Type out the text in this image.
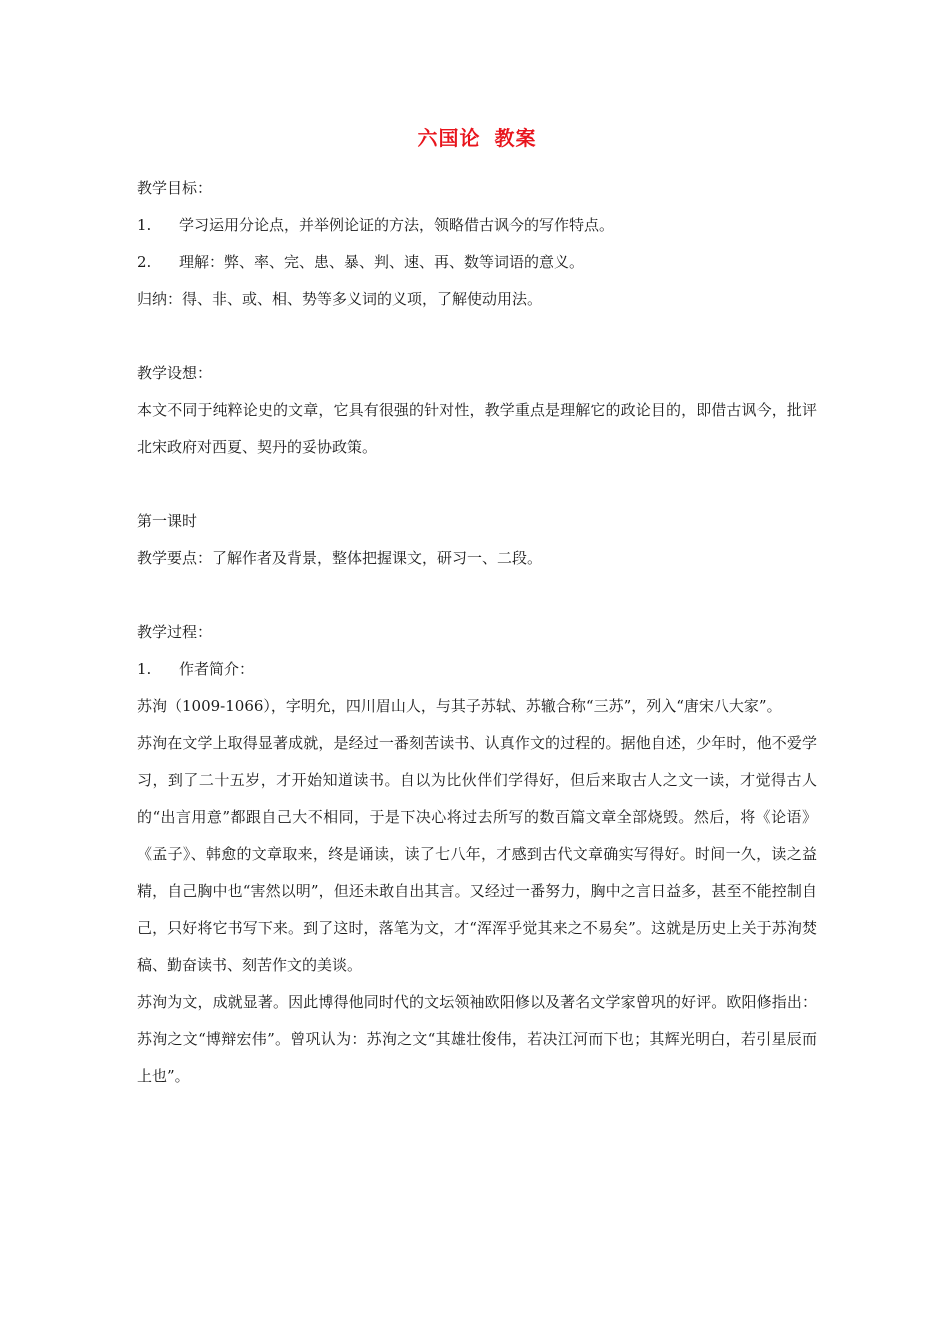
六国论 教案

教学目标：

1. 学习运用分论点，并举例论证的方法，领略借古讽今的写作特点。

2. 理解：弊、率、完、患、暴、判、速、再、数等词语的意义。

归纳：得、非、或、相、势等多义词的义项，了解使动用法。

教学设想：

本文不同于纯粹论史的文章，它具有很强的针对性，教学重点是理解它的政论目的，即借古讽今，批评北宋政府对西夏、契丹的妥协政策。

第一课时

教学要点：了解作者及背景，整体把握课文，研习一、二段。

教学过程：

1. 作者简介：

苏洵（1009-1066），字明允，四川眉山人，与其子苏轼、苏辙合称“三苏”，列入“唐宋八大家”。

苏洵在文学上取得显著成就，是经过一番刻苦读书、认真作文的过程的。据他自述，少年时，他不爱学习，到了二十五岁，才开始知道读书。自以为比伙伴们学得好，但后来取古人之文一读，才觉得古人的“出言用意”都跟自己大不相同，于是下决心将过去所写的数百篇文章全部烧毁。然后，将《论语》《孟子》、韩愈的文章取来，终是诵读，读了七八年，才感到古代文章确实写得好。时间一久，读之益精，自己胸中也“害然以明”，但还未敢自出其言。又经过一番努力，胸中之言日益多，甚至不能控制自己，只好将它书写下来。到了这时，落笔为文，才“浑浑乎觉其来之不易矣”。这就是历史上关于苏洵焚稿、勤奋读书、刻苦作文的美谈。

苏洵为文，成就显著。因此博得他同时代的文坛领袖欧阳修以及著名文学家曾巩的好评。欧阳修指出：苏洵之文“博辩宏伟”。曾巩认为：苏洵之文“其雄壮俊伟，若决江河而下也；其辉光明白，若引星辰而上也”。
